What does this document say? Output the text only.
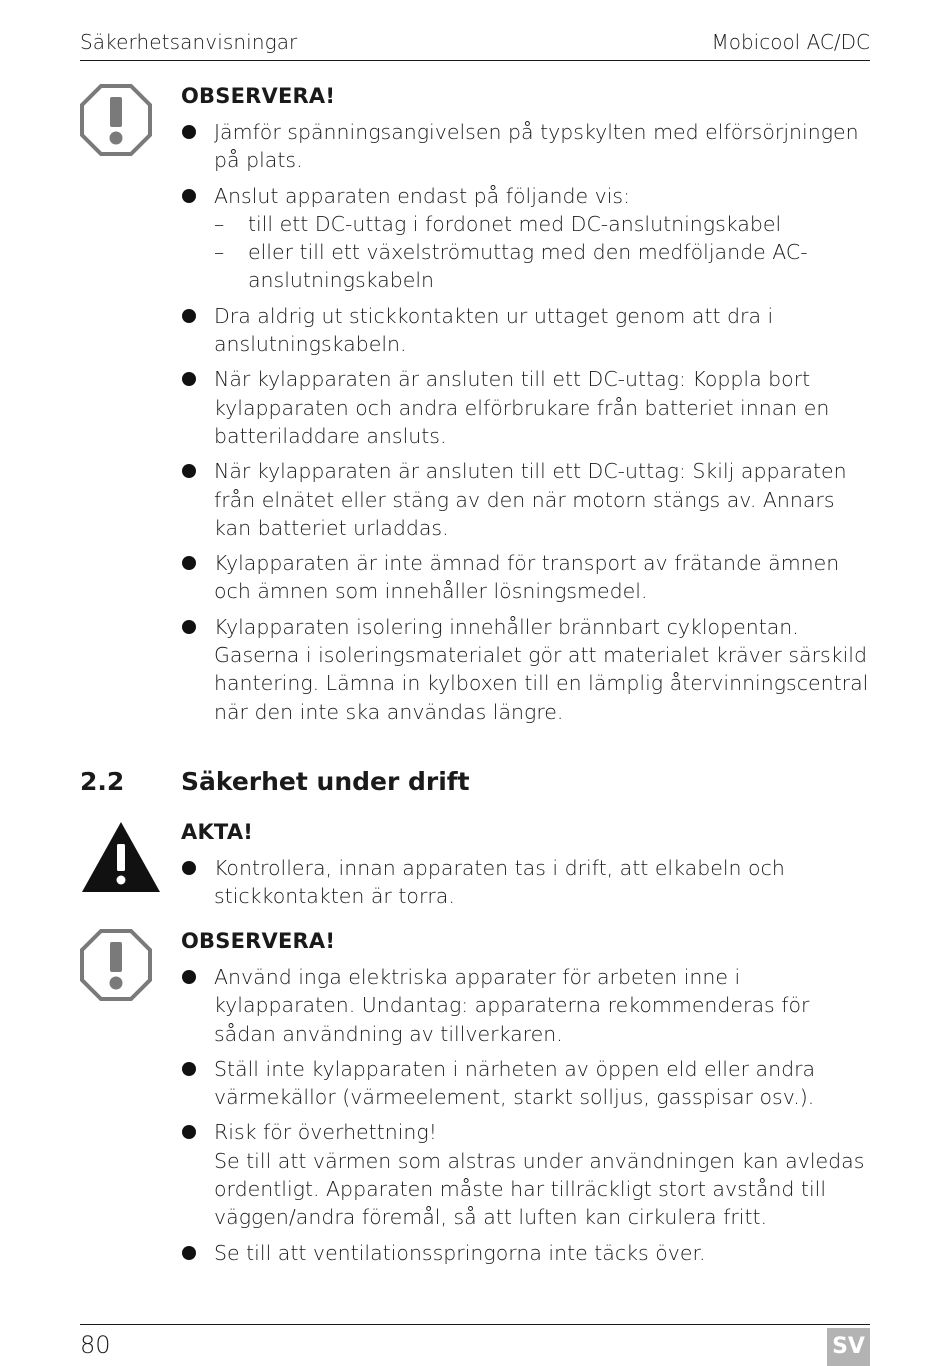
Säkerhetsanvisningar	Mobicool AC/DC
OBSERVERA!
Jämför spänningsangivelsen på typskylten med elförsörjningen på plats.
Anslut apparaten endast på följande vis:
– till ett DC-uttag i fordonet med DC-anslutningskabel
– eller till ett växelströmuttag med den medföljande AC-anslutningskabeln
Dra aldrig ut stickkontakten ur uttaget genom att dra i anslutningskabeln.
När kylapparaten är ansluten till ett DC-uttag: Koppla bort kylapparaten och andra elförbrukare från batteriet innan en batteriladdare ansluts.
När kylapparaten är ansluten till ett DC-uttag: Skilj apparaten från elnätet eller stäng av den när motorn stängs av. Annars kan batteriet urladdas.
Kylapparaten är inte ämnad för transport av frätande ämnen och ämnen som innehåller lösningsmedel.
Kylapparaten isolering innehåller brännbart cyklopentan. Gaserna i isoleringsmaterialet gör att materialet kräver särskild hantering. Lämna in kylboxen till en lämplig återvinningscentral när den inte ska användas längre.
2.2 Säkerhet under drift
AKTA!
Kontrollera, innan apparaten tas i drift, att elkabeln och stickkontakten är torra.
OBSERVERA!
Använd inga elektriska apparater för arbeten inne i kylapparaten. Undantag: apparaterna rekommenderas för sådan användning av tillverkaren.
Ställ inte kylapparaten i närheten av öppen eld eller andra värmekällor (värmeelement, starkt solljus, gasspisar osv.).
Risk för överhettning!
Se till att värmen som alstras under användningen kan avledas ordentligt. Apparaten måste har tillräckligt stort avstånd till väggen/andra föremål, så att luften kan cirkulera fritt.
Se till att ventilationsspringorna inte täcks över.
80	SV
